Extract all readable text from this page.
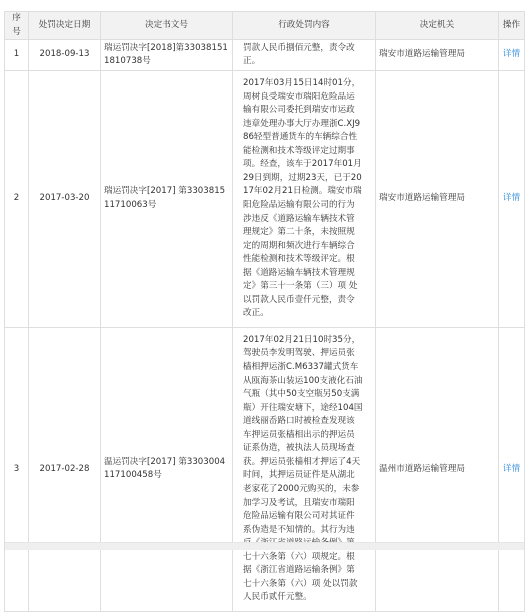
序号	处罚决定日期	决定书文号	行政处罚内容	决定机关	操作
1	2018-09-13	瑞运罚决字[2018]第330381511810738号	罚款人民币捌佰元整，责令改正。	瑞安市道路运输管理局	详情
2	2017-03-20	瑞运罚决字[2017] 第330381511710063号	2017年03月15日14时01分，周树良受瑞安市瑞阳危险品运输有限公司委托到瑞安市运政违章处理办事大厅办理浙C.XJ986轻型普通货车的车辆综合性能检测和技术等级评定过期事项。经查，该车于2017年01月29日到期，过期23天，已于2017年02月21日检测。瑞安市瑞阳危险品运输有限公司的行为涉违反《道路运输车辆技术管理规定》第二十条，未按照规定的周期和频次进行车辆综合性能检测和技术等级评定。根据《道路运输车辆技术管理规定》第三十一条第（三）项 处以罚款人民币壹仟元整，责令改正。	瑞安市道路运输管理局	详情
3	2017-02-28	温运罚决字[2017] 第330300411710045​8号	2017年02月21日10时35分，驾驶员李发明驾驶、押运员张樯相押运浙C.M6337罐式货车从瓯海茶山装运100支液化石油气瓶（其中50支空瓶另50支满瓶）开往瑞安塘下，途经104国道线丽岙路口时被检查发现该车押运员张樯相出示的押运员证系伪造，被执法人员现场查获。押运员张樯相才押运了4天时间，其押运员证件是从湖北老家花了2000元购买的，未参加学习及考试，且瑞安市瑞阳危险品运输有限公司对其证件系伪造是不知情的。其行为违 七十六条第（六）项规定。根据《浙江省道路运输条例》第七十六条第（六）项 处以罚款人民币贰仟元整。	温州市道路运输管理局	详情
